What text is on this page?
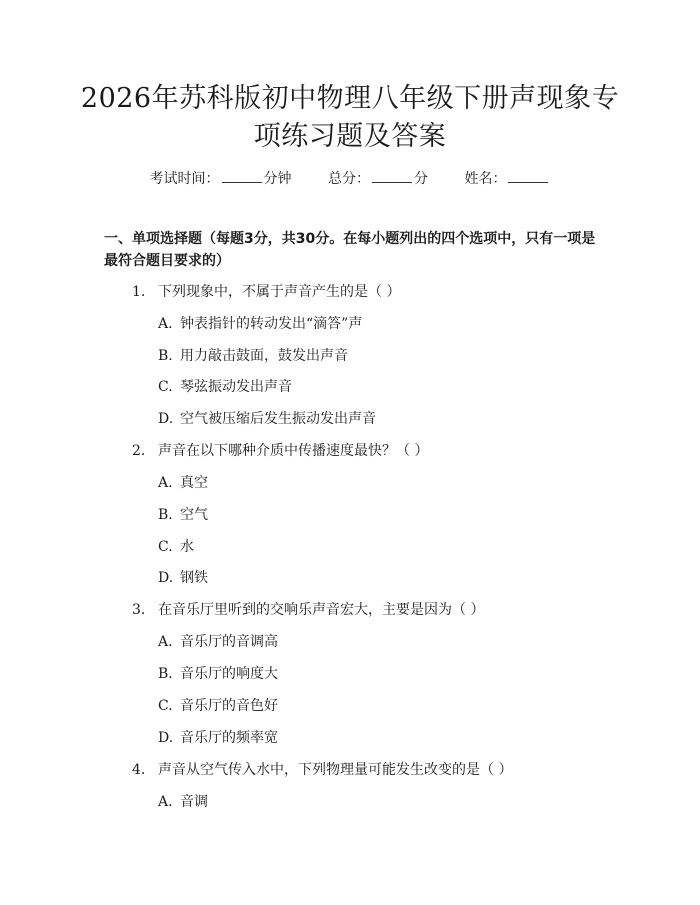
2026年苏科版初中物理八年级下册声现象专
项练习题及答案
考试时间：	分钟	总分：	分	姓名：
一、单项选择题（每题3分，共30分。在每小题列出的四个选项中，只有一项是最符合题目要求的）
1. 下列现象中，不属于声音产生的是（ ）
A. 钟表指针的转动发出“滴答”声
B. 用力敲击鼓面，鼓发出声音
C. 琴弦振动发出声音
D. 空气被压缩后发生振动发出声音
2. 声音在以下哪种介质中传播速度最快？（ ）
A. 真空
B. 空气
C. 水
D. 钢铁
3. 在音乐厅里听到的交响乐声音宏大，主要是因为（ ）
A. 音乐厅的音调高
B. 音乐厅的响度大
C. 音乐厅的音色好
D. 音乐厅的频率宽
4. 声音从空气传入水中，下列物理量可能发生改变的是（ ）
A. 音调
